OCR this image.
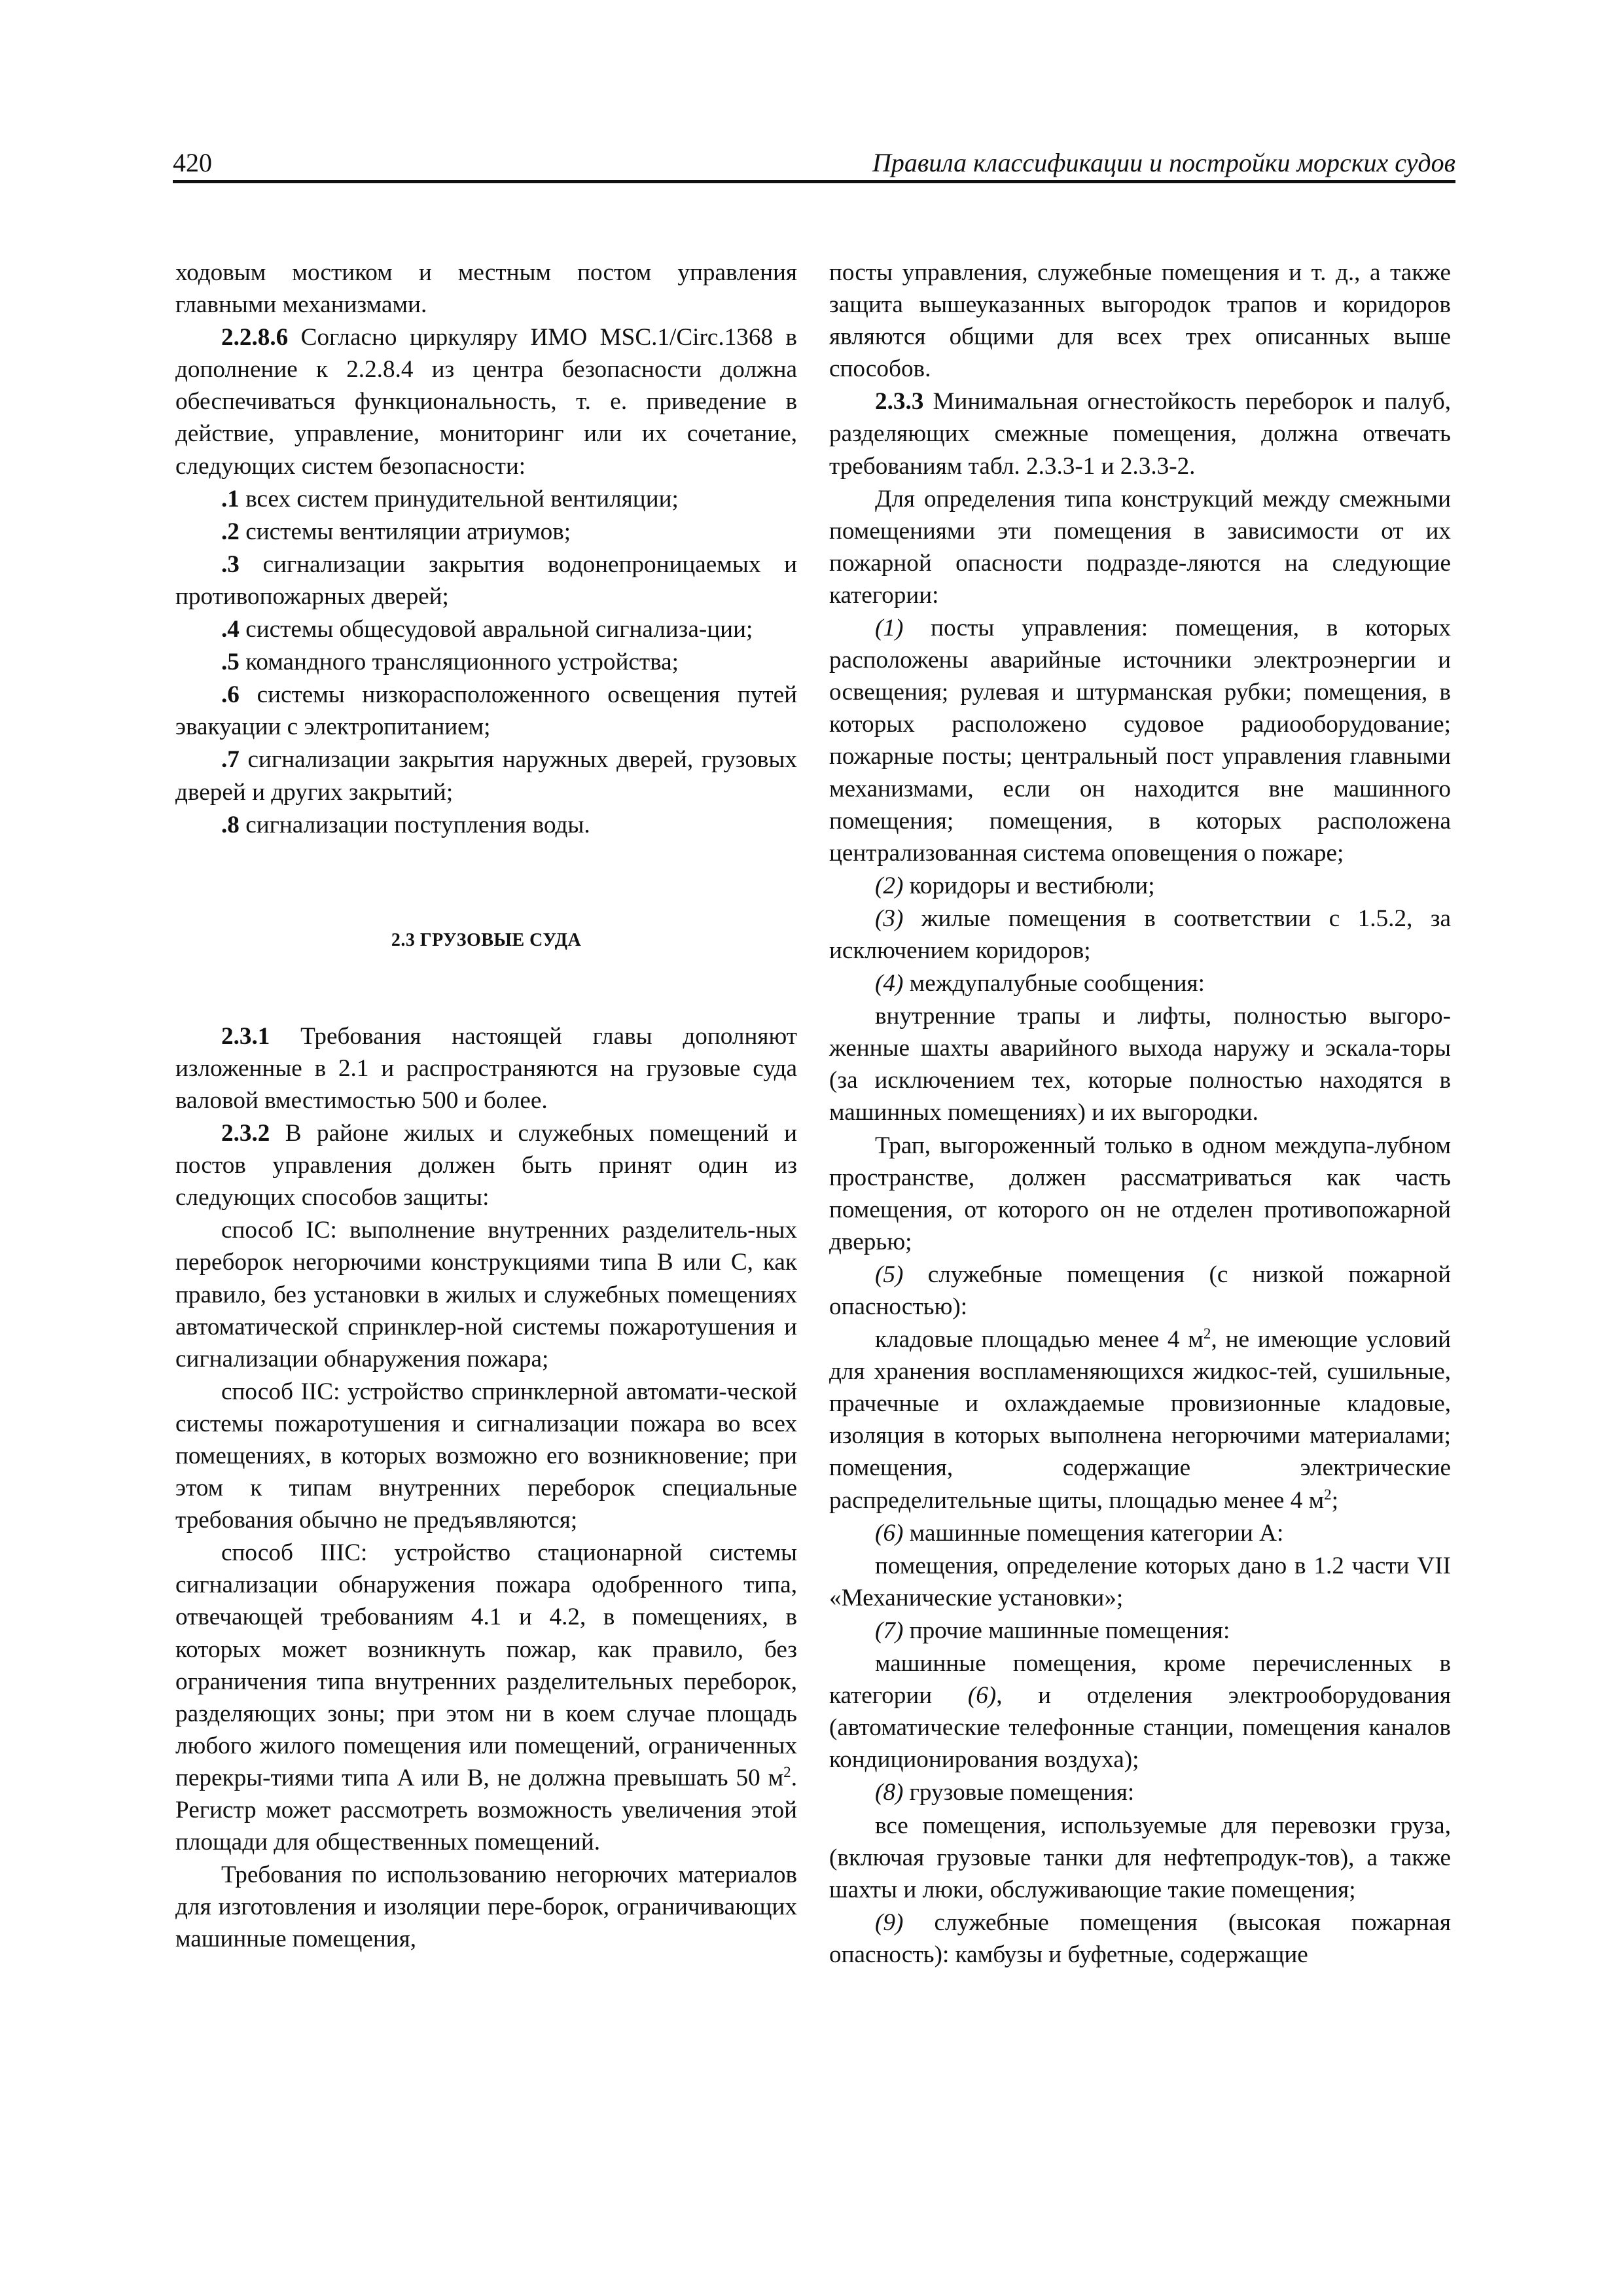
420	Правила классификации и постройки морских судов

ходовым мостиком и местным постом управления главными механизмами.

2.2.8.6 Согласно циркуляру ИМО MSC.1/Circ.1368 в дополнение к 2.2.8.4 из центра безопасности должна обеспечиваться функциональность, т. е. приведение в действие, управление, мониторинг или их сочетание, следующих систем безопасности:

.1 всех систем принудительной вентиляции;

.2 системы вентиляции атриумов;

.3 сигнализации закрытия водонепроницаемых и противопожарных дверей;

.4 системы общесудовой авральной сигнализа-ции;

.5 командного трансляционного устройства;

.6 системы низкорасположенного освещения путей эвакуации с электропитанием;

.7 сигнализации закрытия наружных дверей, грузовых дверей и других закрытий;

.8 сигнализации поступления воды.

2.3 ГРУЗОВЫЕ СУДА

2.3.1 Требования настоящей главы дополняют изложенные в 2.1 и распространяются на грузовые суда валовой вместимостью 500 и более.

2.3.2 В районе жилых и служебных помещений и постов управления должен быть принят один из следующих способов защиты:

способ IC: выполнение внутренних разделитель-ных переборок негорючими конструкциями типа B или C, как правило, без установки в жилых и служебных помещениях автоматической спринклер-ной системы пожаротушения и сигнализации обнаружения пожара;

способ IIC: устройство спринклерной автомати-ческой системы пожаротушения и сигнализации пожара во всех помещениях, в которых возможно его возникновение; при этом к типам внутренних переборок специальные требования обычно не предъявляются;

способ IIIC: устройство стационарной системы сигнализации обнаружения пожара одобренного типа, отвечающей требованиям 4.1 и 4.2, в помещениях, в которых может возникнуть пожар, как правило, без ограничения типа внутренних разделительных переборок, разделяющих зоны; при этом ни в коем случае площадь любого жилого помещения или помещений, ограниченных перекры-тиями типа A или B, не должна превышать 50 $м^2$. Регистр может рассмотреть возможность увеличения этой площади для общественных помещений.

Требования по использованию негорючих материалов для изготовления и изоляции пере-борок, ограничивающих машинные помещения,

посты управления, служебные помещения и т. д., а также защита вышеуказанных выгородок трапов и коридоров являются общими для всех трех описанных выше способов.

2.3.3 Минимальная огнестойкость переборок и палуб, разделяющих смежные помещения, должна отвечать требованиям табл. 2.3.3-1 и 2.3.3-2.

Для определения типа конструкций между смежными помещениями эти помещения в зависимости от их пожарной опасности подразде-ляются на следующие категории:

(1) посты управления: помещения, в которых расположены аварийные источники электроэнергии и освещения; рулевая и штурманская рубки; помещения, в которых расположено судовое радиооборудование; пожарные посты; центральный пост управления главными механизмами, если он находится вне машинного помещения; помещения, в которых расположена централизованная система оповещения о пожаре;

(2) коридоры и вестибюли;

(3) жилые помещения в соответствии с 1.5.2, за исключением коридоров;

(4) междупалубные сообщения:

внутренние трапы и лифты, полностью выгоро-женные шахты аварийного выхода наружу и эскала-торы (за исключением тех, которые полностью находятся в машинных помещениях) и их выгородки.

Трап, выгороженный только в одном междупа-лубном пространстве, должен рассматриваться как часть помещения, от которого он не отделен противопожарной дверью;

(5) служебные помещения (с низкой пожарной опасностью):

кладовые площадью менее 4 $м^2$, не имеющие условий для хранения воспламеняющихся жидкос-тей, сушильные, прачечные и охлаждаемые провизионные кладовые, изоляция в которых выполнена негорючими материалами; помещения, содержащие электрические распределительные щиты, площадью менее 4 $м^2$;

(6) машинные помещения категории A:

помещения, определение которых дано в 1.2 части VII «Механические установки»;

(7) прочие машинные помещения:

машинные помещения, кроме перечисленных в категории (6), и отделения электрооборудования (автоматические телефонные станции, помещения каналов кондиционирования воздуха);

(8) грузовые помещения:

все помещения, используемые для перевозки груза, (включая грузовые танки для нефтепродук-тов), а также шахты и люки, обслуживающие такие помещения;

(9) служебные помещения (высокая пожарная опасность): камбузы и буфетные, содержащие
